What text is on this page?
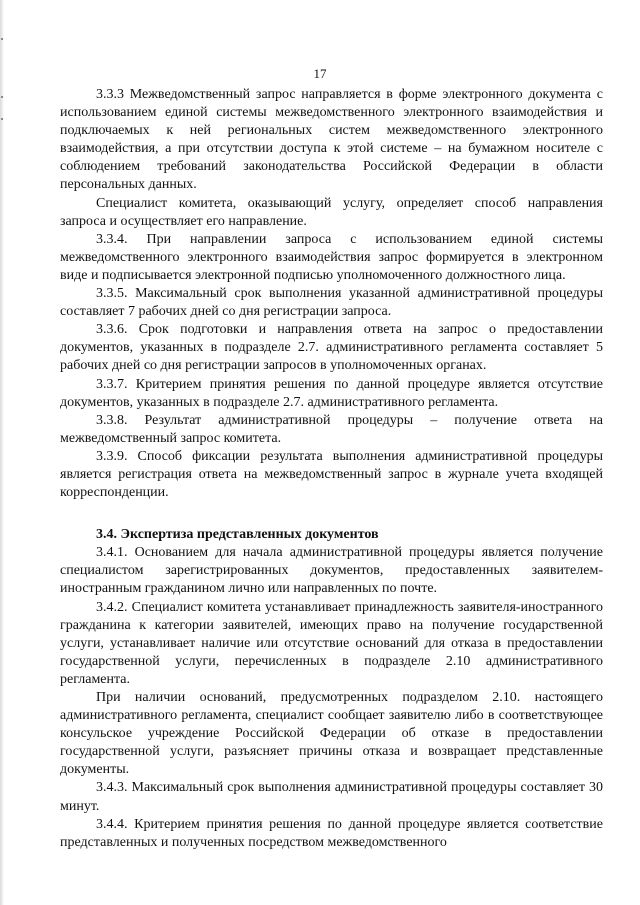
17

3.3.3 Межведомственный запрос направляется в форме электронного документа с использованием единой системы межведомственного электронного взаимодействия и подключаемых к ней региональных систем межведомственного электронного взаимодействия, а при отсутствии доступа к этой системе – на бумажном носителе с соблюдением требований законодательства Российской Федерации в области персональных данных.

Специалист комитета, оказывающий услугу, определяет способ направления запроса и осуществляет его направление.

3.3.4. При направлении запроса с использованием единой системы межведомственного электронного взаимодействия запрос формируется в электронном виде и подписывается электронной подписью уполномоченного должностного лица.

3.3.5. Максимальный срок выполнения указанной административной процедуры составляет 7 рабочих дней со дня регистрации запроса.

3.3.6. Срок подготовки и направления ответа на запрос о предоставлении документов, указанных в подразделе 2.7. административного регламента составляет 5 рабочих дней со дня регистрации запросов в уполномоченных органах.

3.3.7. Критерием принятия решения по данной процедуре является отсутствие документов, указанных в подразделе 2.7. административного регламента.

3.3.8. Результат административной процедуры – получение ответа на межведомственный запрос комитета.

3.3.9. Способ фиксации результата выполнения административной процедуры является регистрация ответа на межведомственный запрос в журнале учета входящей корреспонденции.

3.4. Экспертиза представленных документов

3.4.1. Основанием для начала административной процедуры является получение специалистом зарегистрированных документов, предоставленных заявителем-иностранным гражданином лично или направленных по почте.

3.4.2. Специалист комитета устанавливает принадлежность заявителя-иностранного гражданина к категории заявителей, имеющих право на получение государственной услуги, устанавливает наличие или отсутствие оснований для отказа в предоставлении государственной услуги, перечисленных в подразделе 2.10 административного регламента.

При наличии оснований, предусмотренных подразделом 2.10. настоящего административного регламента, специалист сообщает заявителю либо в соответствующее консульское учреждение Российской Федерации об отказе в предоставлении государственной услуги, разъясняет причины отказа и возвращает представленные документы.

3.4.3. Максимальный срок выполнения административной процедуры составляет 30 минут.

3.4.4. Критерием принятия решения по данной процедуре является соответствие представленных и полученных посредством межведомственного
